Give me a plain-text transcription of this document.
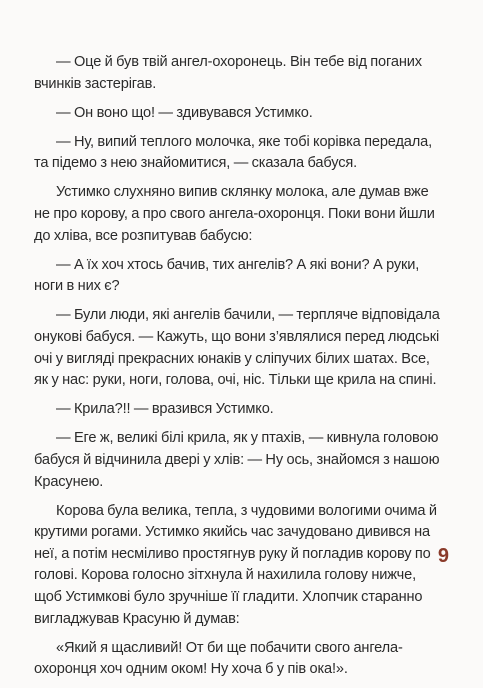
— Оце й був твій ангел-охоронець. Він тебе від поганих вчинків застерігав.

— Он воно що! — здивувався Устимко.

— Ну, випий теплого молочка, яке тобі корівка передала, та підемо з нею знайомитися, — сказала бабуся.

Устимко слухняно випив склянку молока, але думав вже не про корову, а про свого ангела-охоронця. Поки вони йшли до хліва, все розпитував бабусю:

— А їх хоч хтось бачив, тих ангелів? А які вони? А руки, ноги в них є?

— Були люди, які ангелів бачили, — терпляче відповідала онукові бабуся. — Кажуть, що вони з’являлися перед людські очі у вигляді прекрасних юнаків у сліпучих білих шатах. Все, як у нас: руки, ноги, голова, очі, ніс. Тільки ще крила на спині.

— Крила?!! — вразився Устимко.

— Еге ж, великі білі крила, як у птахів, — кивнула головою бабуся й відчинила двері у хлів: — Ну ось, знайомся з нашою Красунею.

Корова була велика, тепла, з чудовими вологими очима й крутими рогами. Устимко якийсь час зачудовано дивився на неї, а потім несміливо простягнув руку й погладив корову по голові. Корова голосно зітхнула й нахилила голову нижче, щоб Устимкові було зручніше її гладити. Хлопчик старанно вигладжував Красуню й думав:

«Який я щасливий! От би ще побачити свого ангела-охоронця хоч одним оком! Ну хоча б у пів ока!».

9
